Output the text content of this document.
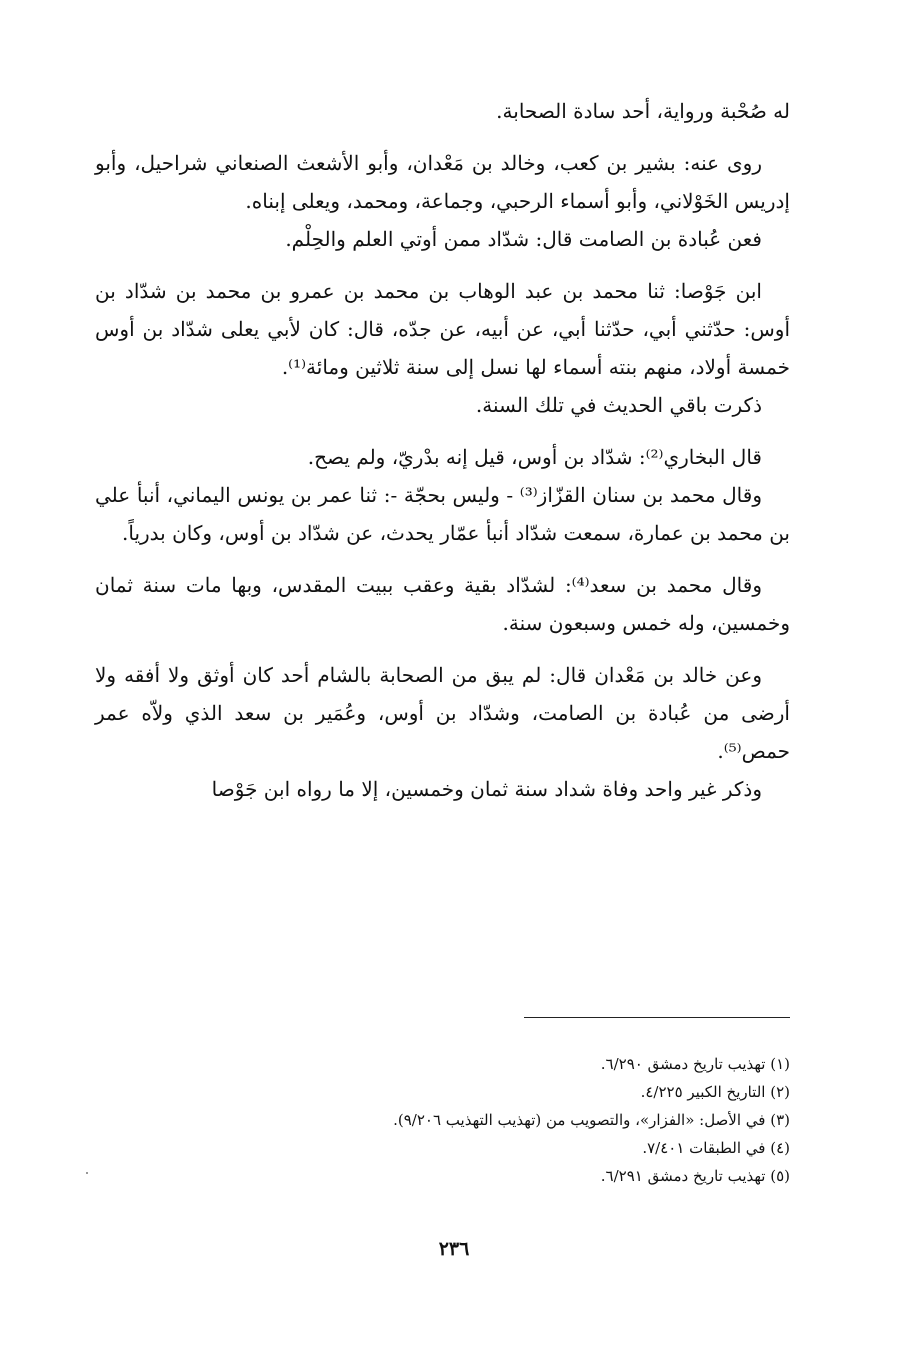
له صُحْبة ورواية، أحد سادة الصحابة.

روى عنه: بشير بن كعب، وخالد بن مَعْدان، وأبو الأشعث الصنعاني شراحيل، وأبو إدريس الخَوْلاني، وأبو أسماء الرحبي، وجماعة، ومحمد، ويعلى إبناه.

فعن عُبادة بن الصامت قال: شدّاد ممن أوتي العلم والحِلْم.

ابن جَوْصا: ثنا محمد بن عبد الوهاب بن محمد بن عمرو بن محمد بن شدّاد بن أوس: حدّثني أبي، حدّثنا أبي، عن أبيه، عن جدّه، قال: كان لأبي يعلى شدّاد بن أوس خمسة أولاد، منهم بنته أسماء لها نسل إلى سنة ثلاثين ومائة⁽¹⁾.

ذكرت باقي الحديث في تلك السنة.

قال البخاري⁽²⁾: شدّاد بن أوس، قيل إنه بدْريّ، ولم يصح.

وقال محمد بن سنان القزّاز⁽³⁾ - وليس بحجّة -: ثنا عمر بن يونس اليماني، أنبأ علي بن محمد بن عمارة، سمعت شدّاد أنبأ عمّار يحدث، عن شدّاد بن أوس، وكان بدرياً.

وقال محمد بن سعد⁽⁴⁾: لشدّاد بقية وعقب ببيت المقدس، وبها مات سنة ثمان وخمسين، وله خمس وسبعون سنة.

وعن خالد بن مَعْدان قال: لم يبق من الصحابة بالشام أحد كان أوثق ولا أفقه ولا أرضى من عُبادة بن الصامت، وشدّاد بن أوس، وعُمَير بن سعد الذي ولاّه عمر حمص⁽⁵⁾.

وذكر غير واحد وفاة شداد سنة ثمان وخمسين، إلا ما رواه ابن جَوْصا

(١) تهذيب تاريخ دمشق ٦/٢٩٠.

(٢) التاريخ الكبير ٤/٢٢٥.

(٣) في الأصل: «الفزار»، والتصويب من (تهذيب التهذيب ٩/٢٠٦).

(٤) في الطبقات ٧/٤٠١.

(٥) تهذيب تاريخ دمشق ٦/٢٩١.

٢٣٦
